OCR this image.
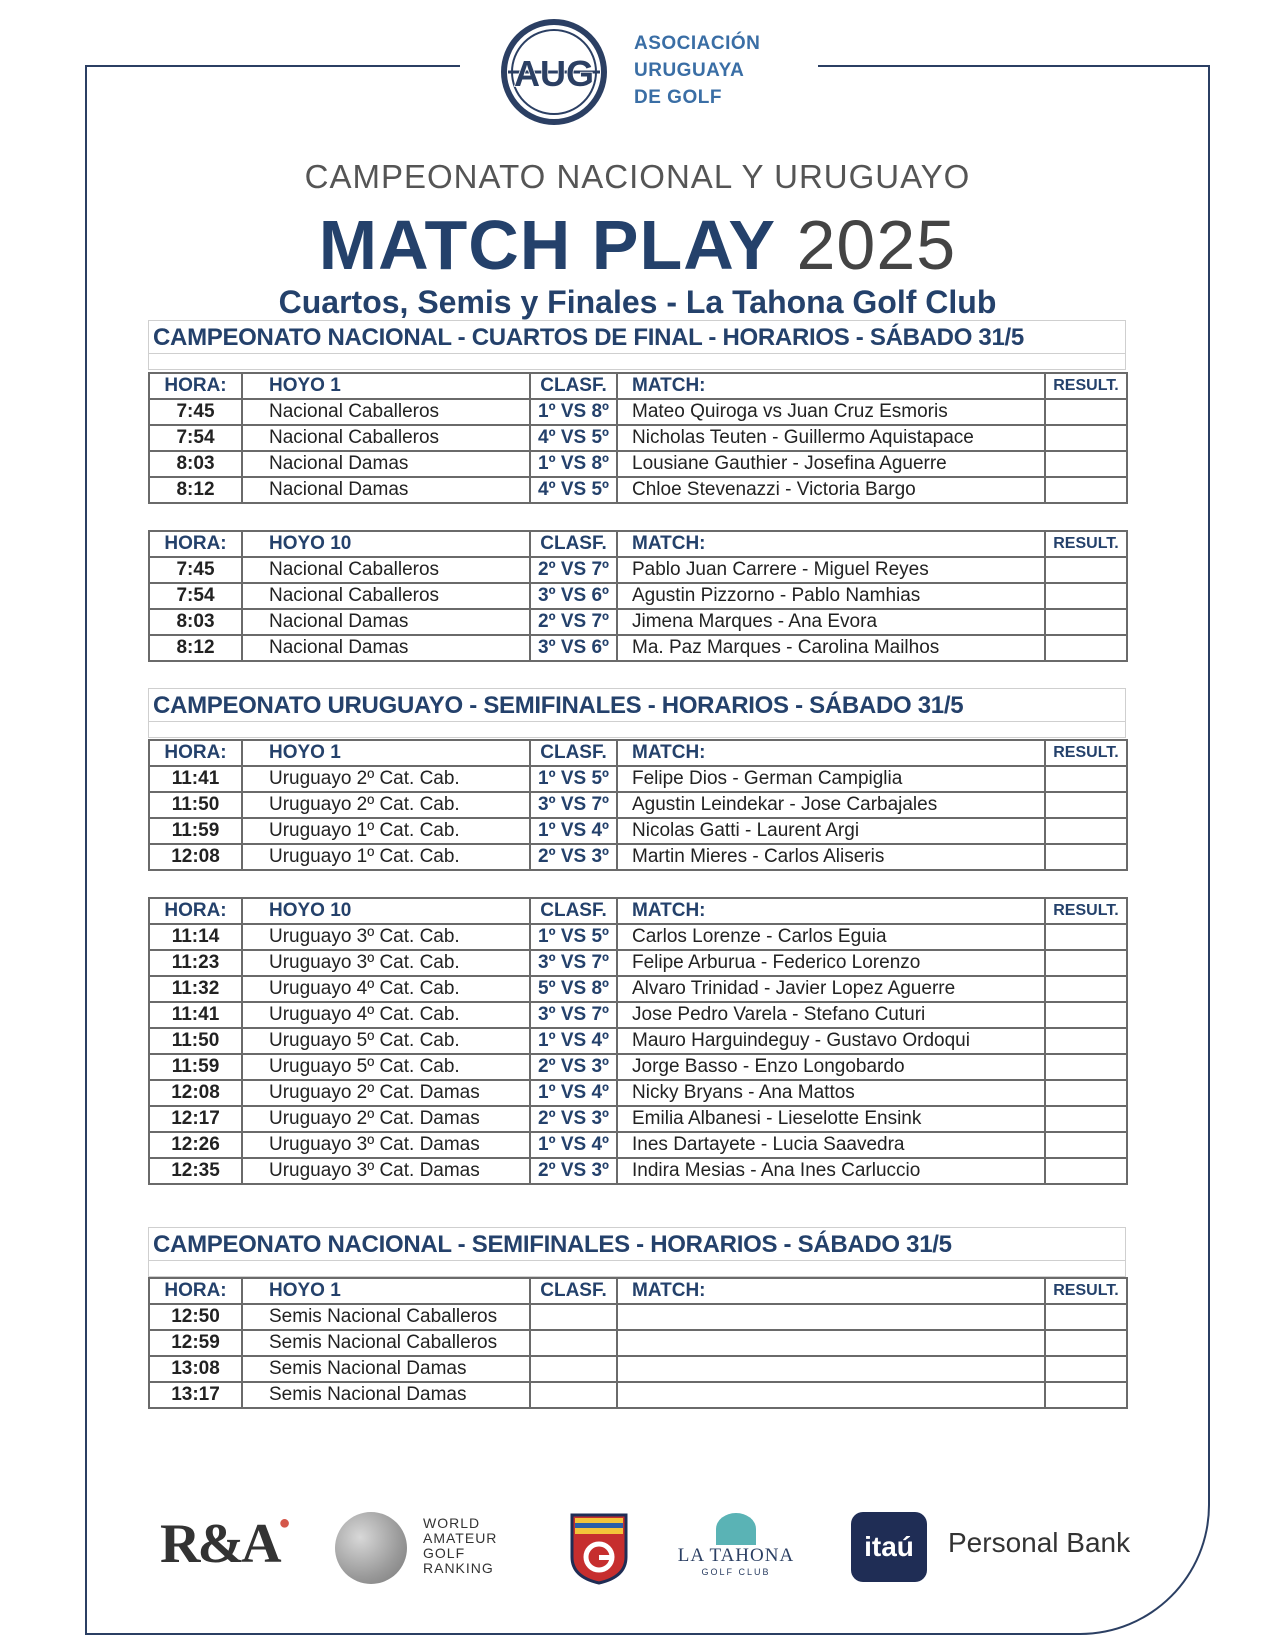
AUG
ASOCIACIÓN
URUGUAYA
DE GOLF
CAMPEONATO NACIONAL Y URUGUAYO
MATCH PLAY 2025
Cuartos, Semis y Finales - La Tahona Golf Club
CAMPEONATO NACIONAL - CUARTOS DE FINAL - HORARIOS - SÁBADO 31/5
HORA:	HOYO 1	CLASF.	MATCH:	RESULT.
7:45	Nacional Caballeros	1º VS 8º	Mateo Quiroga vs Juan Cruz Esmoris	
7:54	Nacional Caballeros	4º VS 5º	Nicholas Teuten - Guillermo Aquistapace	
8:03	Nacional Damas	1º VS 8º	Lousiane Gauthier - Josefina Aguerre	
8:12	Nacional Damas	4º VS 5º	Chloe Stevenazzi - Victoria Bargo	
HORA:	HOYO 10	CLASF.	MATCH:	RESULT.
7:45	Nacional Caballeros	2º VS 7º	Pablo Juan Carrere - Miguel Reyes	
7:54	Nacional Caballeros	3º VS 6º	Agustin Pizzorno - Pablo Namhias	
8:03	Nacional Damas	2º VS 7º	Jimena Marques - Ana Evora	
8:12	Nacional Damas	3º VS 6º	Ma. Paz Marques - Carolina Mailhos	
CAMPEONATO URUGUAYO - SEMIFINALES - HORARIOS - SÁBADO 31/5
HORA:	HOYO 1	CLASF.	MATCH:	RESULT.
11:41	Uruguayo 2º Cat. Cab.	1º VS 5º	Felipe Dios - German Campiglia	
11:50	Uruguayo 2º Cat. Cab.	3º VS 7º	Agustin Leindekar - Jose Carbajales	
11:59	Uruguayo 1º Cat. Cab.	1º VS 4º	Nicolas Gatti - Laurent Argi	
12:08	Uruguayo 1º Cat. Cab.	2º VS 3º	Martin Mieres - Carlos Aliseris	
HORA:	HOYO 10	CLASF.	MATCH:	RESULT.
11:14	Uruguayo 3º Cat. Cab.	1º VS 5º	Carlos Lorenze - Carlos Eguia	
11:23	Uruguayo 3º Cat. Cab.	3º VS 7º	Felipe Arburua - Federico Lorenzo	
11:32	Uruguayo 4º Cat. Cab.	5º VS 8º	Alvaro Trinidad - Javier Lopez Aguerre	
11:41	Uruguayo 4º Cat. Cab.	3º VS 7º	Jose Pedro Varela - Stefano Cuturi	
11:50	Uruguayo 5º Cat. Cab.	1º VS 4º	Mauro Harguindeguy - Gustavo Ordoqui	
11:59	Uruguayo 5º Cat. Cab.	2º VS 3º	Jorge Basso - Enzo Longobardo	
12:08	Uruguayo 2º Cat. Damas	1º VS 4º	Nicky Bryans - Ana Mattos	
12:17	Uruguayo 2º Cat. Damas	2º VS 3º	Emilia Albanesi - Lieselotte Ensink	
12:26	Uruguayo 3º Cat. Damas	1º VS 4º	Ines Dartayete - Lucia Saavedra	
12:35	Uruguayo 3º Cat. Damas	2º VS 3º	Indira Mesias - Ana Ines Carluccio	
CAMPEONATO NACIONAL - SEMIFINALES - HORARIOS - SÁBADO 31/5
HORA:	HOYO 1	CLASF.	MATCH:	RESULT.
12:50	Semis Nacional Caballeros			
12:59	Semis Nacional Caballeros			
13:08	Semis Nacional Damas			
13:17	Semis Nacional Damas			
R&A●	WORLD
AMATEUR
GOLF
RANKING
LA TAHONA
GOLF CLUB
itaú	Personal Bank
